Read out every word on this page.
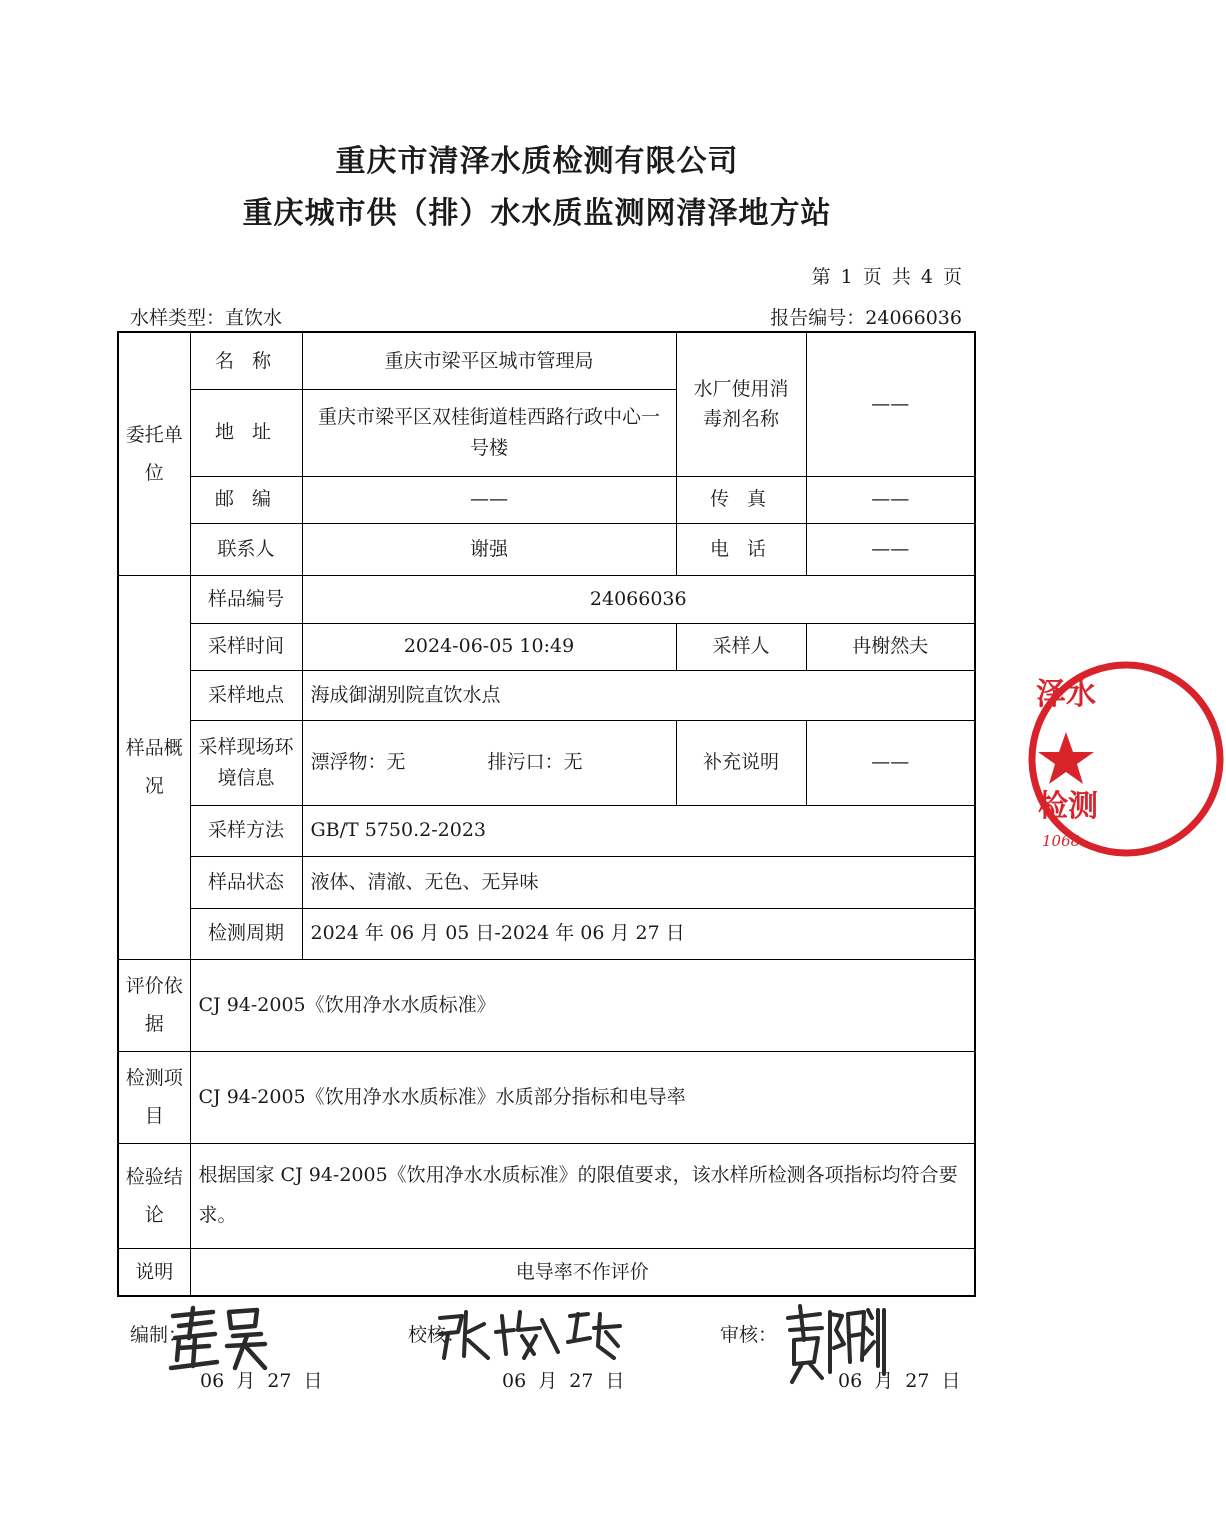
重庆市清泽水质检测有限公司
重庆城市供（排）水水质监测网清泽地方站
第 1 页 共 4 页
水样类型：直饮水	报告编号：24066036
委托单位	名 称	重庆市梁平区城市管理局	水厂使用消毒剂名称	——
	地 址	重庆市梁平区双桂街道桂西路行政中心一号楼		
	邮 编	——	传 真	——
	联系人	谢强	电 话	——
样品概况	样品编号	24066036		
	采样时间	2024-06-05 10:49	采样人	冉榭然夫
	采样地点	海成御湖别院直饮水点		
	采样现场环境信息	漂浮物：无 排污口：无	补充说明	——
	采样方法	GB/T 5750.2-2023		
	样品状态	液体、清澈、无色、无异味		
	检测周期	2024 年 06 月 05 日-2024 年 06 月 27 日		
评价依据	CJ 94-2005《饮用净水水质标准》			
检测项目	CJ 94-2005《饮用净水水质标准》水质部分指标和电导率			
检验结论	根据国家 CJ 94-2005《饮用净水水质标准》的限值要求，该水样所检测各项指标均符合要求。			
说明	电导率不作评价			
编制：	校核：	审核：
06 月 27 日	06 月 27 日	06 月 27 日
泽水
检测
1068
